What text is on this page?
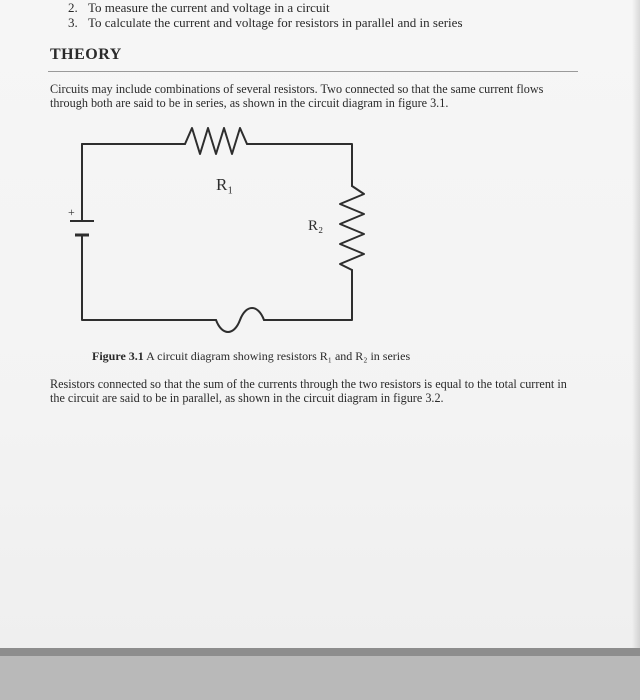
2. To measure the current and voltage in a circuit
3. To calculate the current and voltage for resistors in parallel and in series
THEORY
Circuits may include combinations of several resistors. Two connected so that the same current flows through both are said to be in series, as shown in the circuit diagram in figure 3.1.
+
R₁
R₂
Figure 3.1 A circuit diagram showing resistors R₁ and R₂ in series
Resistors connected so that the sum of the currents through the two resistors is equal to the total current in the circuit are said to be in parallel, as shown in the circuit diagram in figure 3.2.
